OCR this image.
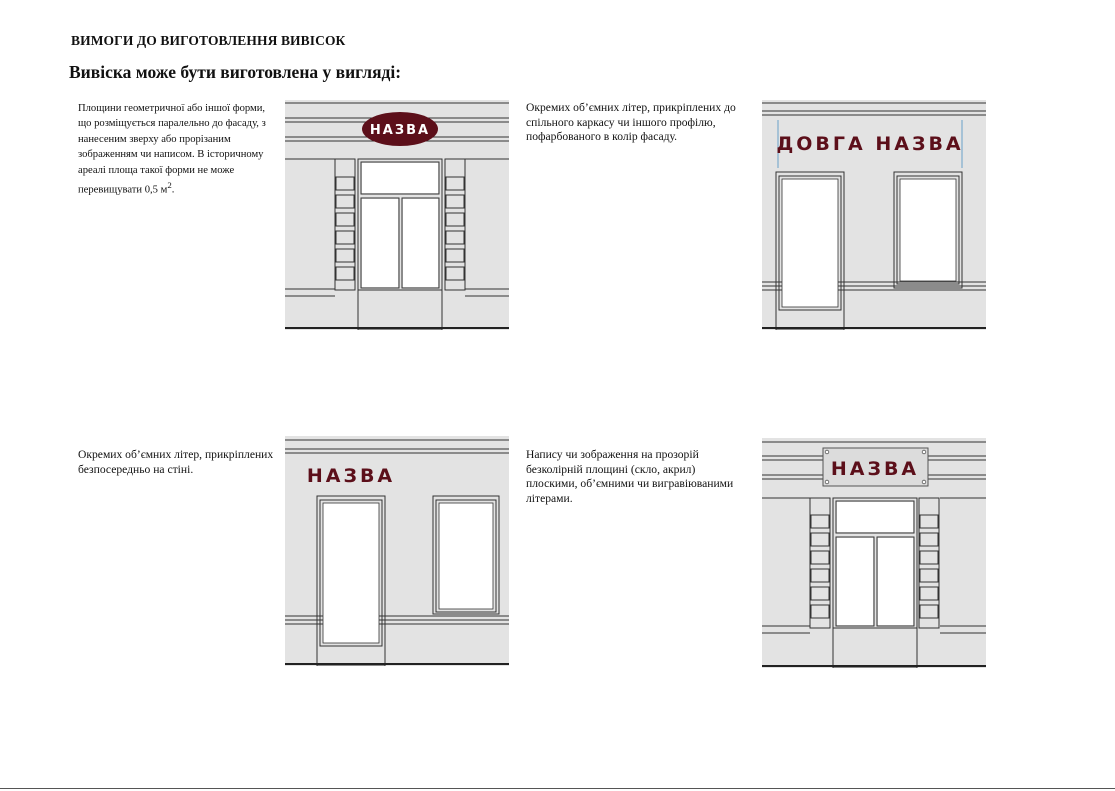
ВИМОГИ ДО ВИГОТОВЛЕННЯ ВИВІСОК
Вивіска може бути виготовлена у вигляді:
Площини геометричної або іншої форми, що розміщується паралельно до фасаду, з нанесеним зверху або прорізаним зображенням чи написом. В історичному ареалі площа такої форми не може перевищувати 0,5 $м^2$.
НАЗВА
Окремих об’ємних літер, прикріплених до спільного каркасу чи іншого профілю, пофарбованого в колір фасаду.	ДОВГА НАЗВА
Окремих об’ємних літер, прикріплених безпосередньо на стіні.	НАЗВА
Напису чи зображення на прозорій безколірній площині (скло, акрил) плоскими, об’ємними чи вигравіюваними літерами.
НАЗВА
